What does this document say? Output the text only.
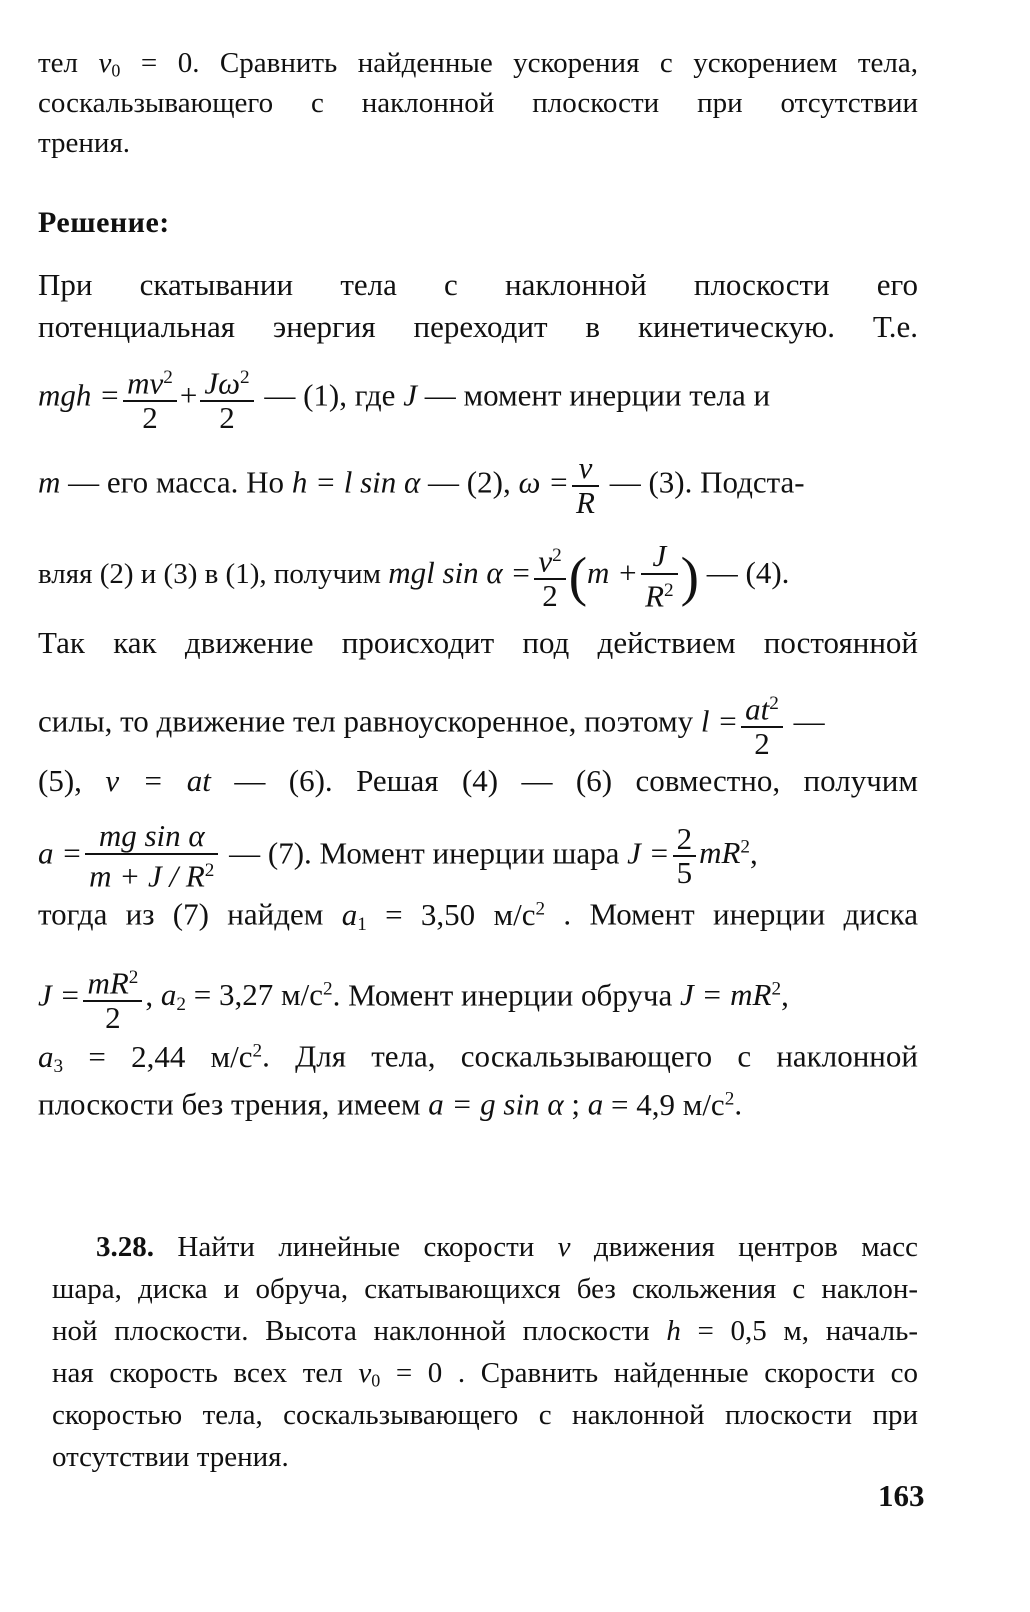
тел $v_0 = 0$. Сравнить найденные ускорения с ускорением тела,
соскальзывающего с наклонной плоскости при отсутствии
трения.
Решение:
При скатывании тела с наклонной плоскости его
потенциальная энергия переходит в кинетическую. Т.е.
mgh = $\frac{mv^2}{2} + \frac{J\omega^2}{2}$ — (1), где J — момент инерции тела и
m — его масса. Но h = l sin α — (2), $\omega = \frac{v}{R}$ — (3). Подста-
вляя (2) и (3) в (1), получим mgl $\sin \alpha = \frac{v^2}{2} (m + \frac{J}{R^2}$ ) — (4).
Так как движение происходит под действием постоянной
силы, то движение тел равноускоренное, поэтому $l = \frac{at^2}{2}$ —
(5), v = at — (6). Решая (4) — (6) совместно, получим
$a = \frac{\text{mg sin α}}{m + J / R^2}$ — (7). Момент инерции шара $J = \frac{2}{5} mR^2$,
тогда из (7) найдем $a_1 = 3,50$ $м/с^2$ . Момент инерции диска
$J = \frac{mR^2}{2}$ , $a_2 = 3,27$ $м/с^2$. Момент инерции обруча $J = mR^2$,
$a_3 = 2,44$ $м/с^2$. Для тела, соскальзывающего с наклонной
плоскости без трения, имеем a = g sin α ; a = 4,9 $м/с^2$.
3.28. Найти линейные скорости v движения центров масс
шара, диска и обруча, скатывающихся без скольжения с наклон-
ной плоскости. Высота наклонной плоскости h = 0,5 м, началь-
ная скорость всех тел $v_0 = 0$ . Сравнить найденные скорости со
скоростью тела, соскальзывающего с наклонной плоскости при
отсутствии трения.
163
